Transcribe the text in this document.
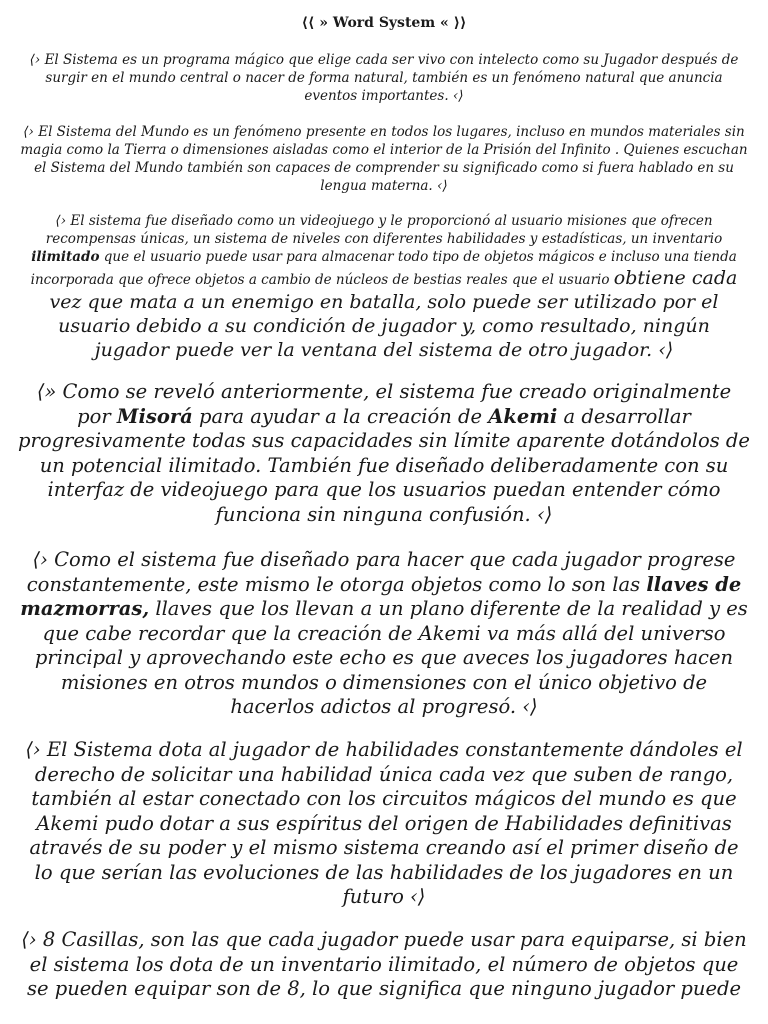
⟨⟨ » Word System « ⟩⟩

⟨› El Sistema es un programa mágico que elige cada ser vivo con intelecto como su Jugador después de surgir en el mundo central o nacer de forma natural, también es un fenómeno natural que anuncia eventos importantes. ‹⟩

⟨› El Sistema del Mundo es un fenómeno presente en todos los lugares, incluso en mundos materiales sin magia como la Tierra o dimensiones aisladas como el interior de la Prisión del Infinito . Quienes escuchan el Sistema del Mundo también son capaces de comprender su significado como si fuera hablado en su lengua materna. ‹⟩

⟨› El sistema fue diseñado como un videojuego y le proporcionó al usuario misiones que ofrecen recompensas únicas, un sistema de niveles con diferentes habilidades y estadísticas, un inventario ilimitado que el usuario puede usar para almacenar todo tipo de objetos mágicos e incluso una tienda incorporada que ofrece objetos a cambio de núcleos de bestias reales que el usuario obtiene cada vez que mata a un enemigo en batalla, solo puede ser utilizado por el usuario debido a su condición de jugador y, como resultado, ningún jugador puede ver la ventana del sistema de otro jugador. ‹⟩

⟨» Como se reveló anteriormente, el sistema fue creado originalmente por Misorá para ayudar a la creación de Akemi a desarrollar progresivamente todas sus capacidades sin límite aparente dotándolos de un potencial ilimitado. También fue diseñado deliberadamente con su interfaz de videojuego para que los usuarios puedan entender cómo funciona sin ninguna confusión. ‹⟩

⟨› Como el sistema fue diseñado para hacer que cada jugador progrese constantemente, este mismo le otorga objetos como lo son las llaves de mazmorras, llaves que los llevan a un plano diferente de la realidad y es que cabe recordar que la creación de Akemi va más allá del universo principal y aprovechando este echo es que aveces los jugadores hacen misiones en otros mundos o dimensiones con el único objetivo de hacerlos adictos al progresó. ‹⟩

⟨› El Sistema dota al jugador de habilidades constantemente dándoles el derecho de solicitar una habilidad única cada vez que suben de rango, también al estar conectado con los circuitos mágicos del mundo es que Akemi pudo dotar a sus espíritus del origen de Habilidades definitivas através de su poder y el mismo sistema creando así el primer diseño de lo que serían las evoluciones de las habilidades de los jugadores en un futuro ‹⟩

⟨› 8 Casillas, son las que cada jugador puede usar para equiparse, si bien el sistema los dota de un inventario ilimitado, el número de objetos que se pueden equipar son de 8, lo que significa que ninguno jugador puede
